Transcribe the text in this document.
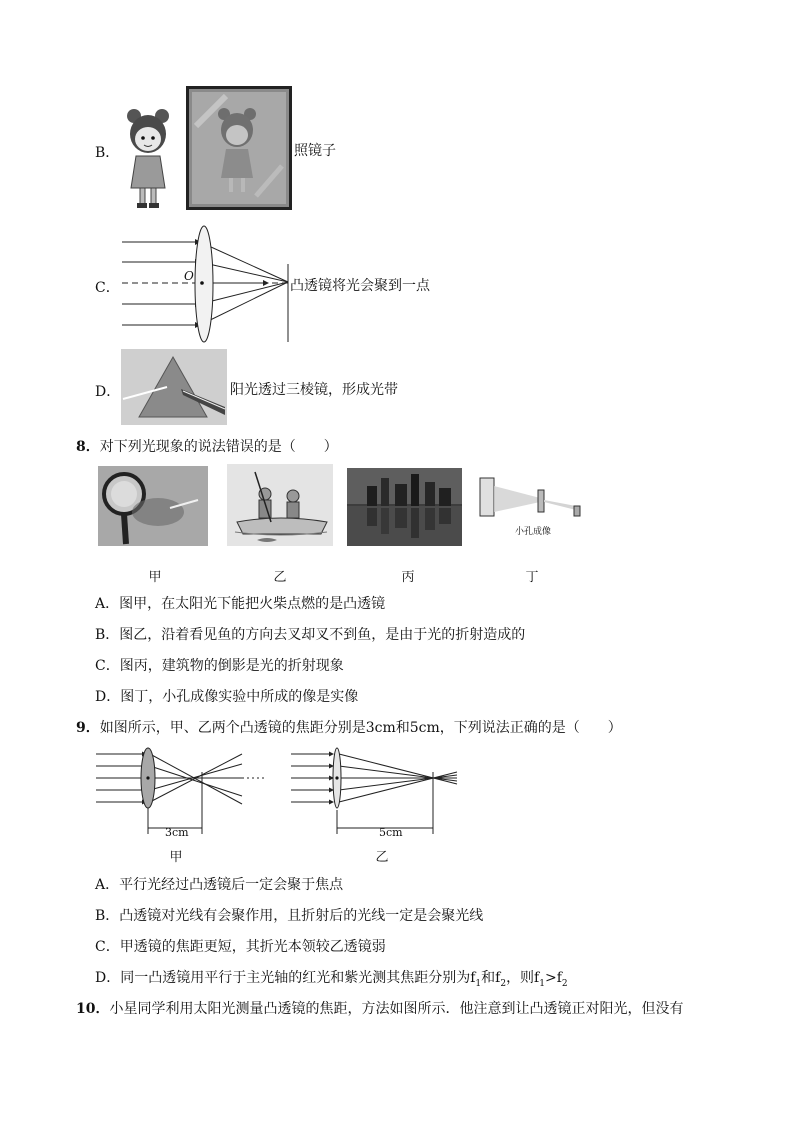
B．	照镜子
C．
O
凸透镜将光会聚到一点
D．	阳光透过三棱镜，形成光带
8．对下列光现象的说法错误的是（　　）
小孔成像
甲	乙	丙	丁
A．图甲，在太阳光下能把火柴点燃的是凸透镜
B．图乙，沿着看见鱼的方向去叉却叉不到鱼，是由于光的折射造成的
C．图丙，建筑物的倒影是光的折射现象
D．图丁，小孔成像实验中所成的像是实像
9．如图所示，甲、乙两个凸透镜的焦距分别是3cm和5cm，下列说法正确的是（　　）
3cm
甲
5cm
乙
A．平行光经过凸透镜后一定会聚于焦点
B．凸透镜对光线有会聚作用，且折射后的光线一定是会聚光线
C．甲透镜的焦距更短，其折光本领较乙透镜弱
D．同一凸透镜用平行于主光轴的红光和紫光测其焦距分别为$f_1$和$f_2$，则$f_1>f_2$
10．小星同学利用太阳光测量凸透镜的焦距，方法如图所示．他注意到让凸透镜正对阳光，但没有
